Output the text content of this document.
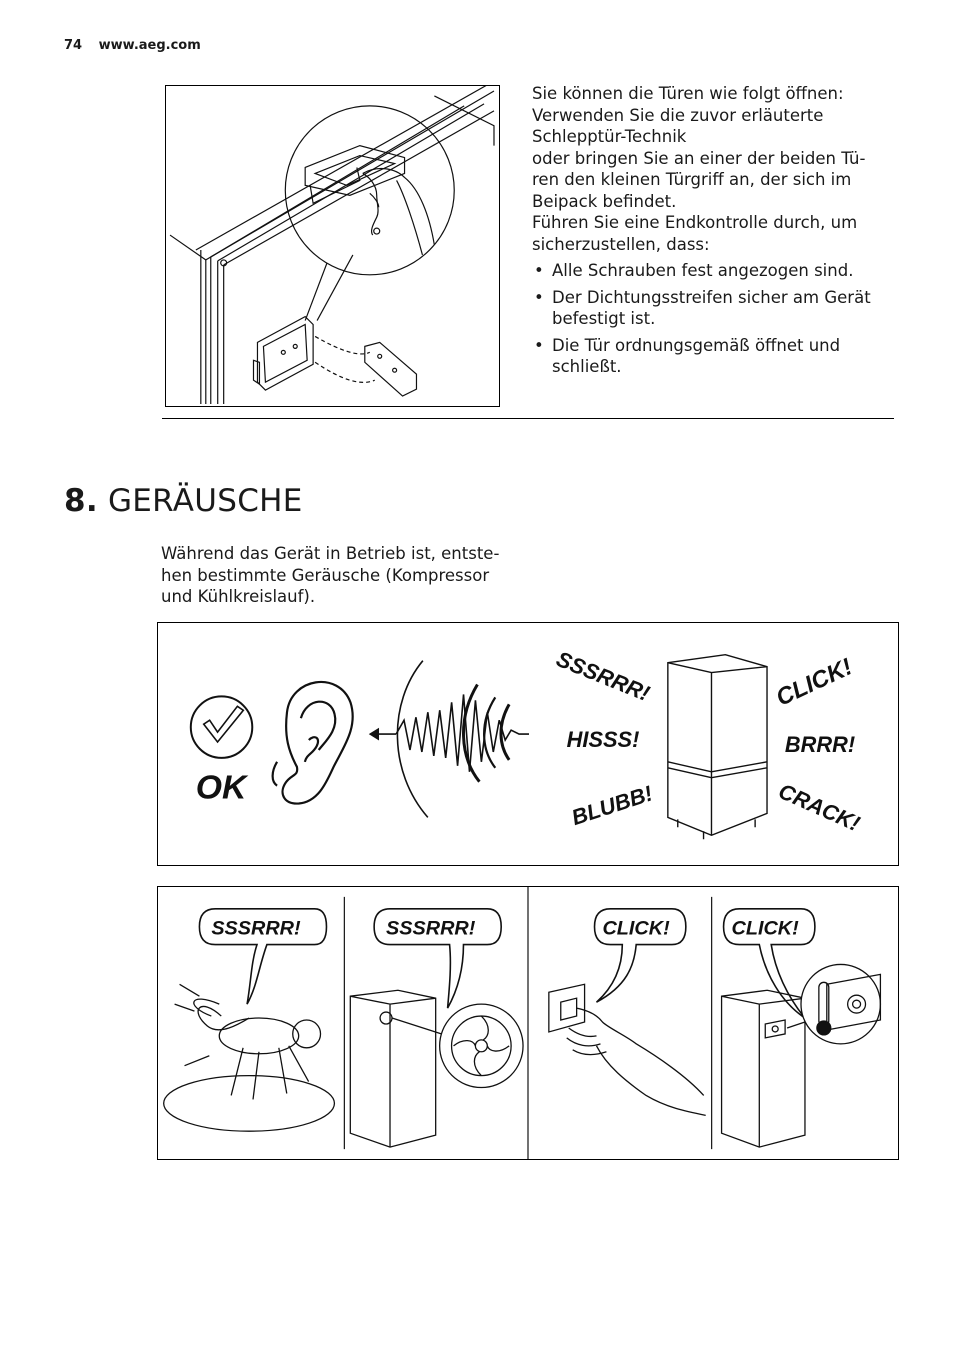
74 www.aeg.com

Sie können die Türen wie folgt öffnen:
Verwenden Sie die zuvor erläuterte
Schlepptür-Technik
oder bringen Sie an einer der beiden Tü-
ren den kleinen Türgriff an, der sich im
Beipack befindet.
Führen Sie eine Endkontrolle durch, um
sicherzustellen, dass:

• Alle Schrauben fest angezogen sind.
• Der Dichtungsstreifen sicher am Gerät
befestigt ist.
• Die Tür ordnungsgemäß öffnet und
schließt.
8. GERÄUSCHE

Während das Gerät in Betrieb ist, entste-
hen bestimmte Geräusche (Kompressor
und Kühlkreislauf).

OK
SSSRRR!
HISSS!
BLUBB!
CLICK!
BRRR!
CRACK!
SSSRRR!	SSSRRR!	CLICK!	CLICK!
